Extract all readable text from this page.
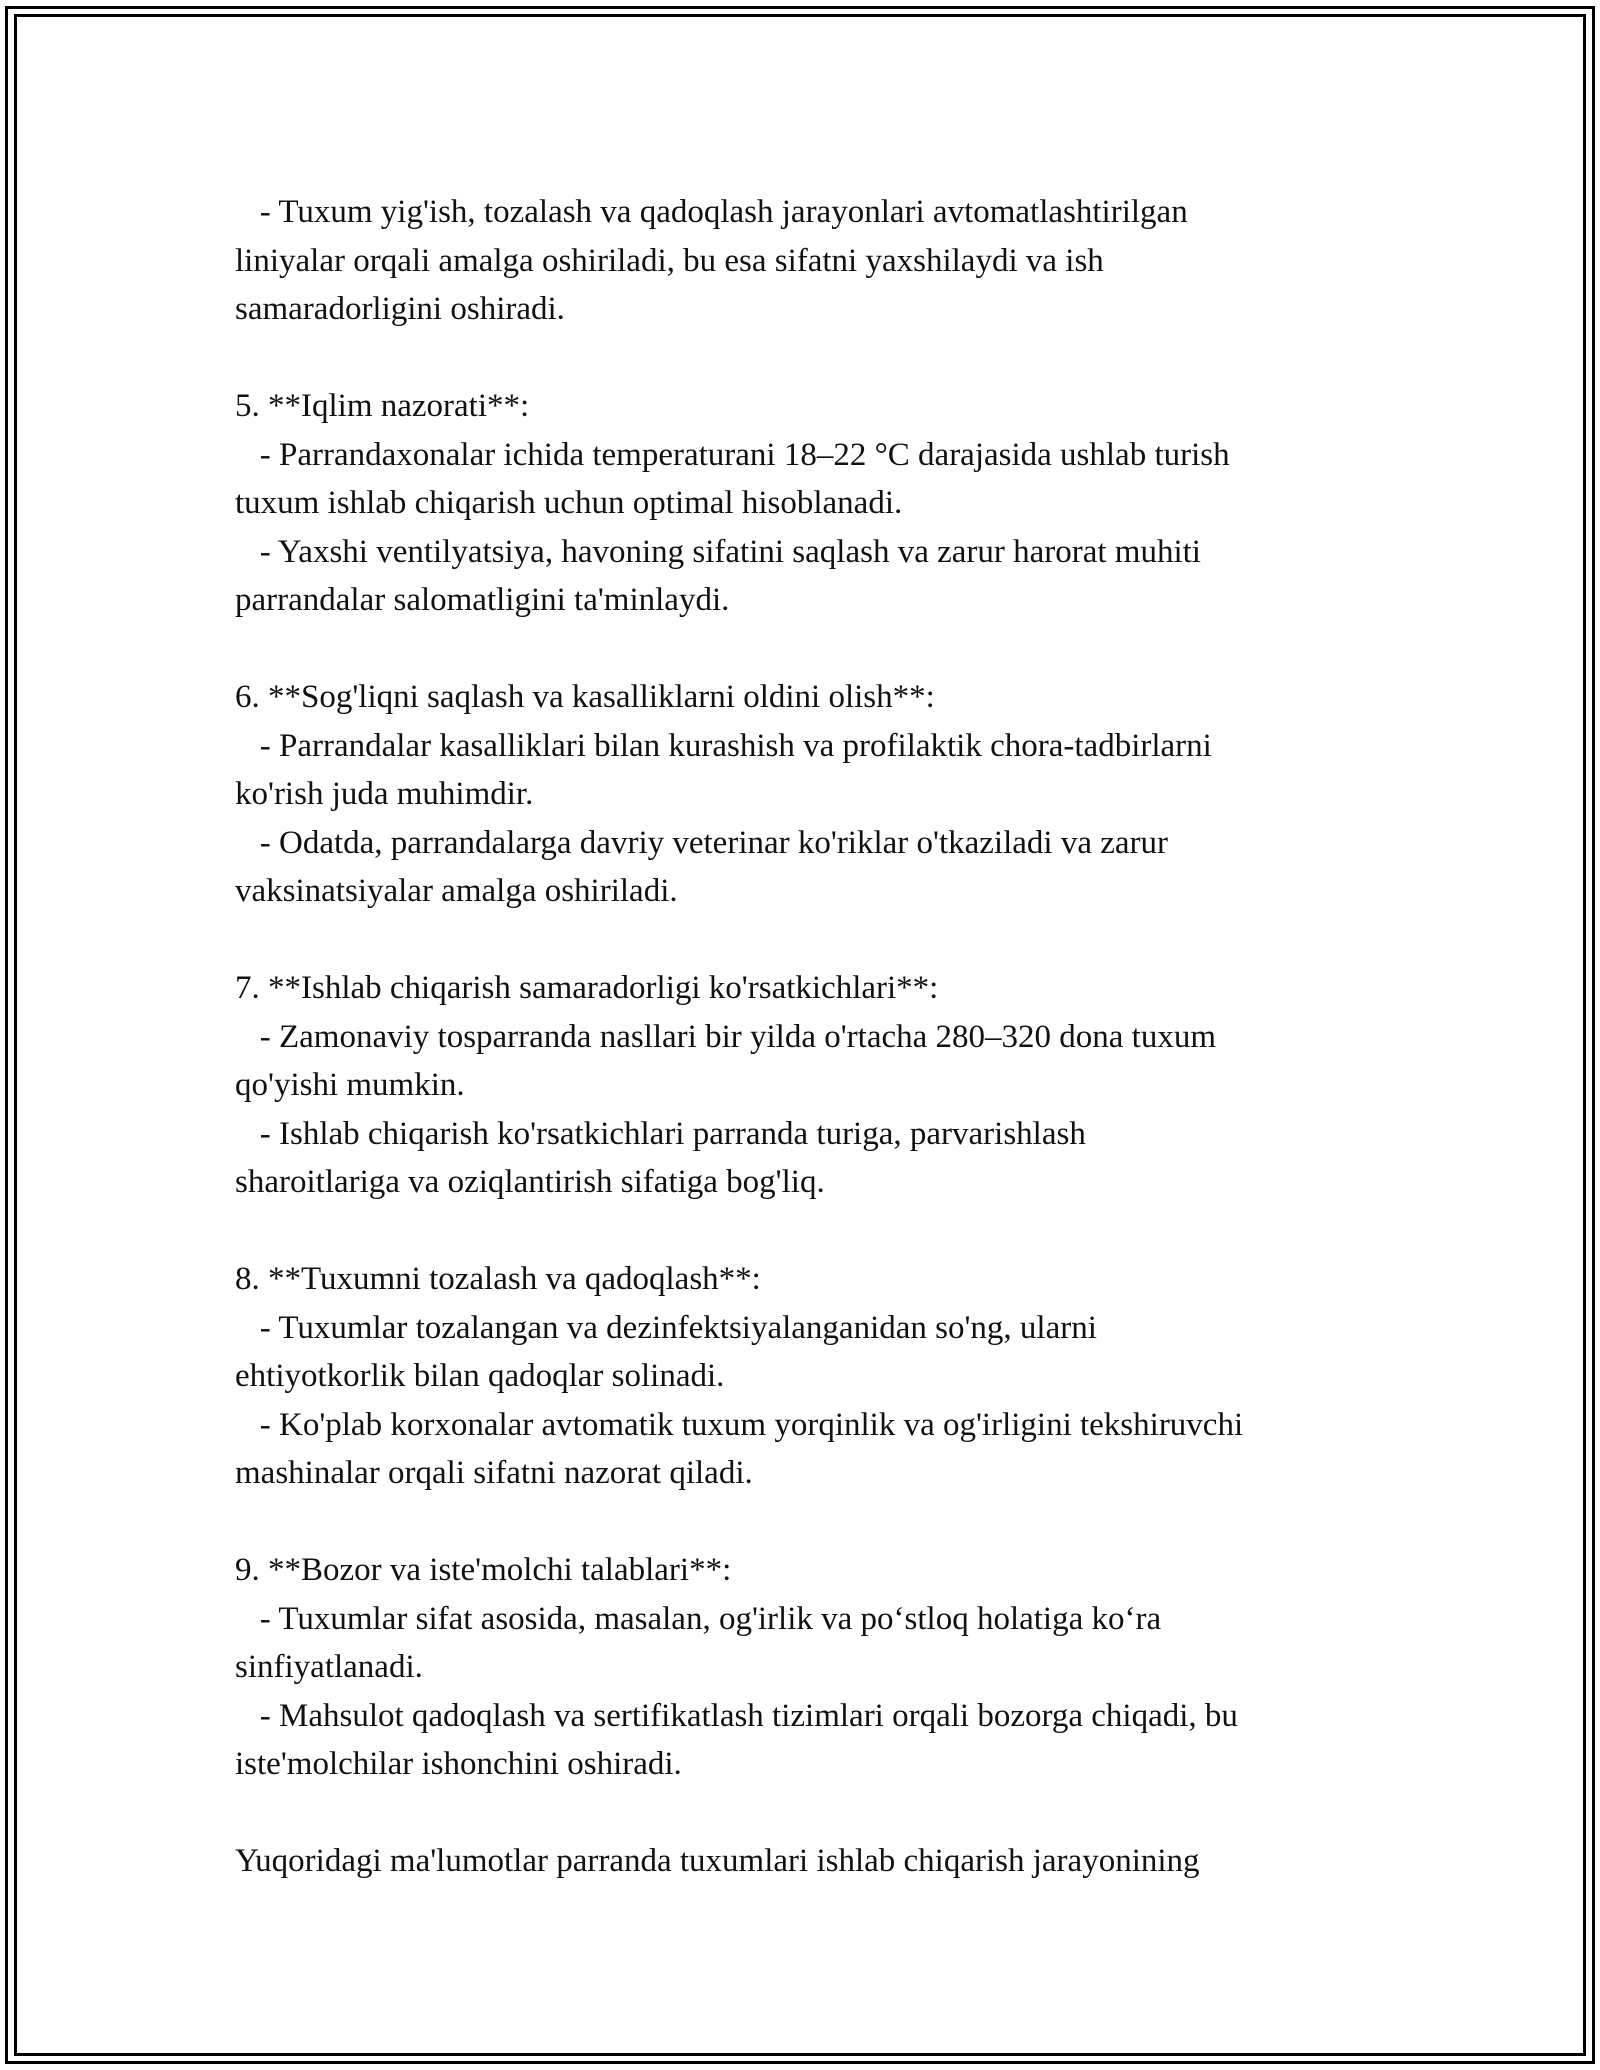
- Tuxum yig'ish, tozalash va qadoqlash jarayonlari avtomatlashtirilgan
liniyalar orqali amalga oshiriladi, bu esa sifatni yaxshilaydi va ish
samaradorligini oshiradi.
5. **Iqlim nazorati**:
- Parrandaxonalar ichida temperaturani 18–22 °C darajasida ushlab turish
tuxum ishlab chiqarish uchun optimal hisoblanadi.
- Yaxshi ventilyatsiya, havoning sifatini saqlash va zarur harorat muhiti
parrandalar salomatligini ta'minlaydi.
6. **Sog'liqni saqlash va kasalliklarni oldini olish**:
- Parrandalar kasalliklari bilan kurashish va profilaktik chora-tadbirlarni
ko'rish juda muhimdir.
- Odatda, parrandalarga davriy veterinar ko'riklar o'tkaziladi va zarur
vaksinatsiyalar amalga oshiriladi.
7. **Ishlab chiqarish samaradorligi ko'rsatkichlari**:
- Zamonaviy tosparranda nasllari bir yilda o'rtacha 280–320 dona tuxum
qo'yishi mumkin.
- Ishlab chiqarish ko'rsatkichlari parranda turiga, parvarishlash
sharoitlariga va oziqlantirish sifatiga bog'liq.
8. **Tuxumni tozalash va qadoqlash**:
- Tuxumlar tozalangan va dezinfektsiyalanganidan so'ng, ularni
ehtiyotkorlik bilan qadoqlar solinadi.
- Ko'plab korxonalar avtomatik tuxum yorqinlik va og'irligini tekshiruvchi
mashinalar orqali sifatni nazorat qiladi.
9. **Bozor va iste'molchi talablari**:
- Tuxumlar sifat asosida, masalan, og'irlik va po‘stloq holatiga ko‘ra
sinfiyatlanadi.
- Mahsulot qadoqlash va sertifikatlash tizimlari orqali bozorga chiqadi, bu
iste'molchilar ishonchini oshiradi.
Yuqoridagi ma'lumotlar parranda tuxumlari ishlab chiqarish jarayonining
